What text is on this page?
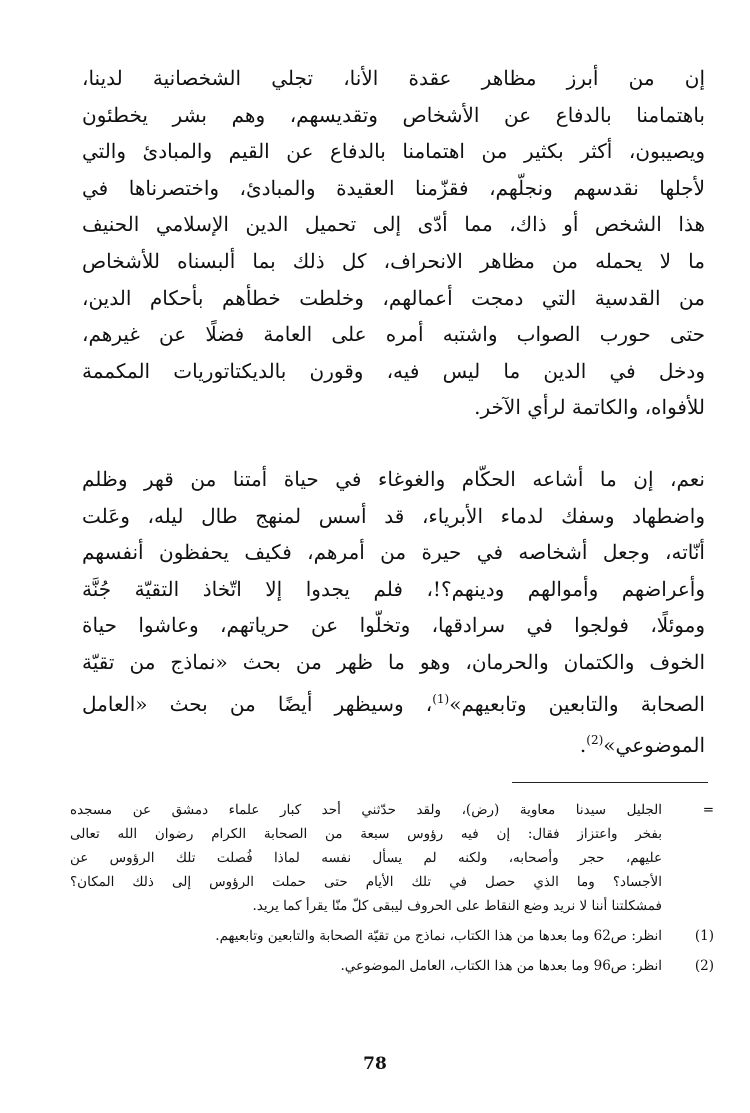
إن من أبرز مظاهر عقدة الأنا، تجلي الشخصانية لدينا،
باهتمامنا بالدفاع عن الأشخاص وتقديسهم، وهم بشر يخطئون
ويصيبون، أكثر بكثير من اهتمامنا بالدفاع عن القيم والمبادئ والتي
لأجلها نقدسهم ونجلّهم، فقزّمنا العقيدة والمبادئ، واختصرناها في
هذا الشخص أو ذاك، مما أدّى إلى تحميل الدين الإسلامي الحنيف
ما لا يحمله من مظاهر الانحراف، كل ذلك بما ألبسناه للأشخاص
من القدسية التي دمجت أعمالهم، وخلطت خطأهم بأحكام الدين،
حتى حورب الصواب واشتبه أمره على العامة فضلًا عن غيرهم،
ودخل في الدين ما ليس فيه، وقورن بالديكتاتوريات المكممة
للأفواه، والكاتمة لرأي الآخر.
نعم، إن ما أشاعه الحكّام والغوغاء في حياة أمتنا من قهر وظلم
واضطهاد وسفك لدماء الأبرياء، قد أسس لمنهج طال ليله، وعَلت
أنّاته، وجعل أشخاصه في حيرة من أمرهم، فكيف يحفظون أنفسهم
وأعراضهم وأموالهم ودينهم؟!، فلم يجدوا إلا اتّخاذ التقيّة جُنَّة
وموئلًا، فولجوا في سرادقها، وتخلّوا عن حرياتهم، وعاشوا حياة
الخوف والكتمان والحرمان، وهو ما ظهر من بحث «نماذج من تقيّة
الصحابة والتابعين وتابعيهم»$^{(1)}$، وسيظهر أيضًا من بحث «العامل
الموضوعي»$^{(2)}$.
=
الجليل سيدنا معاوية (رض)، ولقد حدّثني أحد كبار علماء دمشق عن مسجده
بفخر واعتزاز فقال: إن فيه رؤوس سبعة من الصحابة الكرام رضوان الله تعالى
عليهم، حجر وأصحابه، ولكنه لم يسأل نفسه لماذا فُصلت تلك الرؤوس عن
الأجساد؟ وما الذي حصل في تلك الأيام حتى حملت الرؤوس إلى ذلك المكان؟
فمشكلتنا أننا لا نريد وضع النقاط على الحروف ليبقى كلّ منّا يقرأ كما يريد.
(1)
انظر: ص62 وما بعدها من هذا الكتاب، نماذج من تقيّة الصحابة والتابعين وتابعيهم.
(2)
انظر: ص96 وما بعدها من هذا الكتاب، العامل الموضوعي.
78
